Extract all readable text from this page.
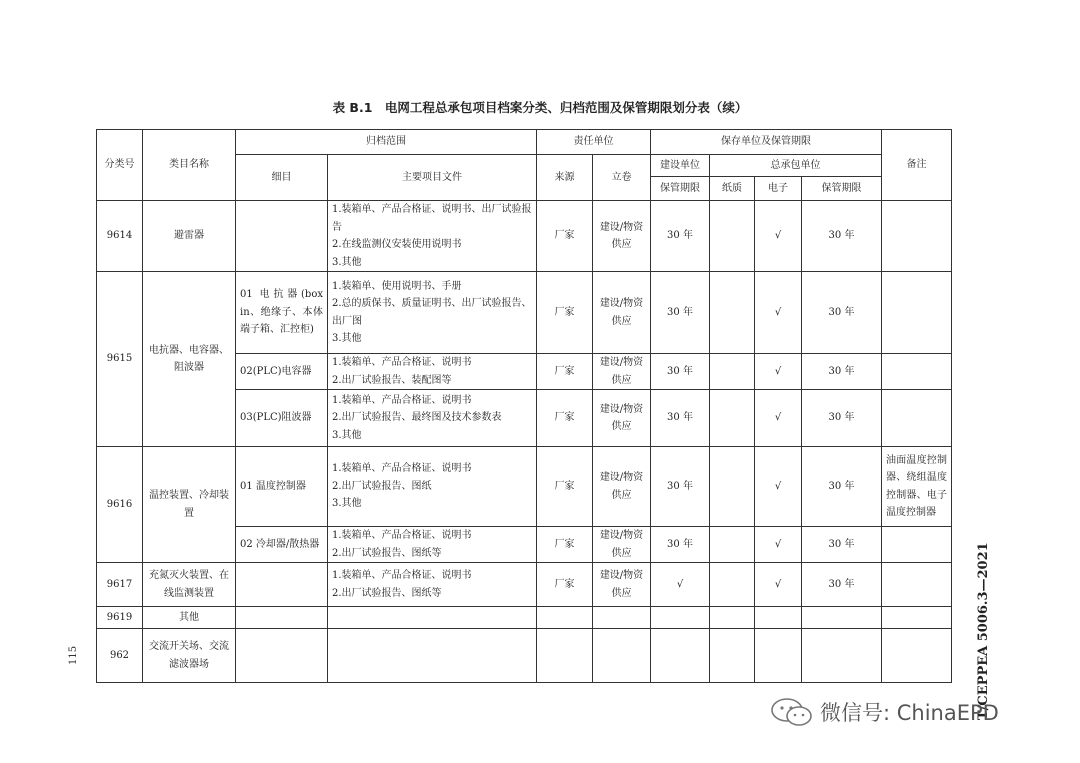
表 B.1　电网工程总承包项目档案分类、归档范围及保管期限划分表（续）
分类号	类目名称	归档范围		责任单位		保存单位及保管期限				备注
		细目	主要项目文件	来源	立卷	建设单位	总承包单位			
						保管期限	纸质	电子	保管期限	
9614	避雷器		1.装箱单、产品合格证、说明书、出厂试验报告
2.在线监测仪安装使用说明书
3.其他	厂家	建设/物资供应	30 年		√	30 年	
9615	电抗器、电容器、阻波器	01 电抗器(box in、绝缘子、本体端子箱、汇控柜)	1.装箱单、使用说明书、手册
2.总的质保书、质量证明书、出厂试验报告、出厂图
3.其他	厂家	建设/物资供应	30 年		√	30 年	
		02(PLC)电容器	1.装箱单、产品合格证、说明书
2.出厂试验报告、装配图等	厂家	建设/物资供应	30 年		√	30 年	
		03(PLC)阻波器	1.装箱单、产品合格证、说明书
2.出厂试验报告、最终图及技术参数表
3.其他	厂家	建设/物资供应	30 年		√	30 年	
9616	温控装置、冷却装置	01 温度控制器	1.装箱单、产品合格证、说明书
2.出厂试验报告、图纸
3.其他	厂家	建设/物资供应	30 年		√	30 年	油面温度控制器、绕组温度控制器、电子温度控制器
		02 冷却器/散热器	1.装箱单、产品合格证、说明书
2.出厂试验报告、图纸等	厂家	建设/物资供应	30 年		√	30 年	
9617	充氮灭火装置、在线监测装置		1.装箱单、产品合格证、说明书
2.出厂试验报告、图纸等	厂家	建设/物资供应	√		√	30 年	
9619	其他									
962	交流开关场、交流滤波器场										T/CEPPEA 5006.3—2021
115
微信号: ChinaEPD
